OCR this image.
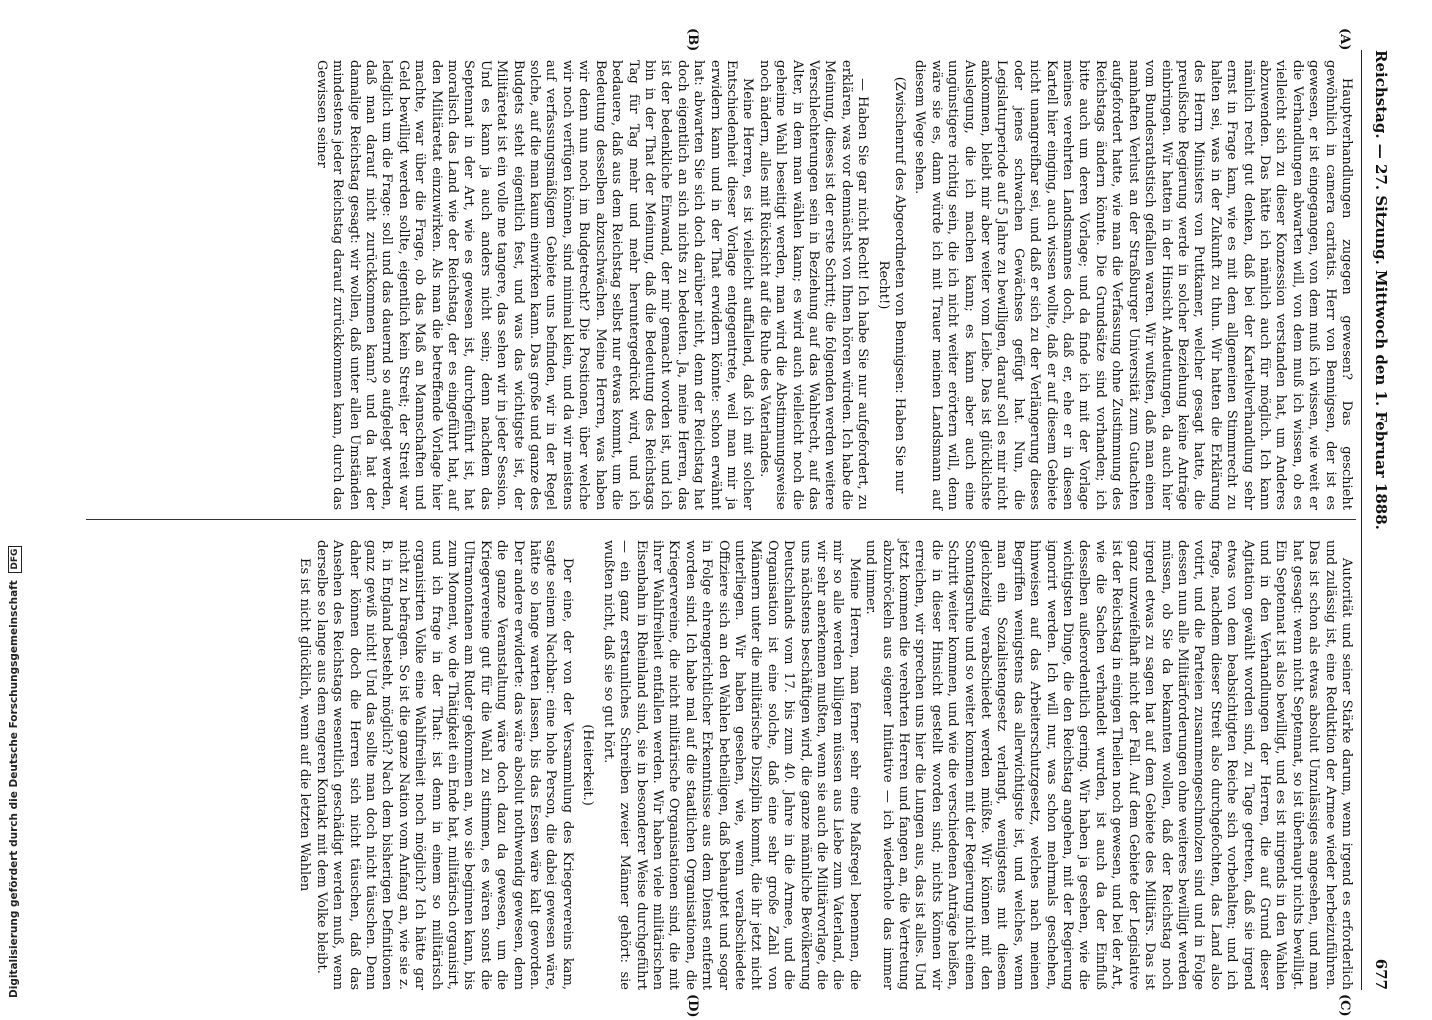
Reichstag. — 27. Sitzung. Mittwoch den 1. Februar 1888.
677
(A)
(B)
(C)
(D)

Hauptverhandlungen zugegen gewesen? Das geschieht gewöhnlich in camera caritatis. Herr von Bennigsen, der ist es gewesen, er ist eingegangen, von dem muß ich wissen, wie weit er die Verhandlungen abwarten will, von dem muß ich wissen, ob es vielleicht sich zu dieser Konzession verstanden hat, um Anderes abzuwenden. Das hätte ich nämlich auch für möglich. Ich kann nämlich recht gut denken, daß bei der Kartellverhandlung sehr ernst in Frage kam, wie es mit dem allgemeinen Stimmrecht zu halten sei, was in der Zukunft zu thun. Wir hatten die Erklärung des Herrn Ministers von Puttkamer, welcher gesagt hatte, die preußische Regierung werde in solcher Beziehung keine Anträge einbringen. Wir hatten in der Hinsicht Andeutungen, da auch hier vom Bundesrathstisch gefallen waren. Wir wußten, daß man einen namhaften Verlust an der Straßburger Universität zum Gutachten aufgefordert hatte, wie man die Verfassung ohne Zustimmung des Reichstags ändern könnte. Die Grundsätze sind vorhanden; ich bitte auch um deren Vorlage; und da finde ich mit der Vorlage meines verehrten Landsmannes doch, daß er, ehe er in diesen Kartell hier einging, auch wissen wollte, daß er auf diesem Gebiete nicht unangreifbar sei, und daß er sich zu der Verlängerung dieses oder jenes schwachen Gewächses gefügt hat. Nun, die Legislaturperiode auf 5 Jahre zu bewilligen, darauf soll es mir nicht ankommen, bleibt mir aber weiter vom Leibe. Das ist glücklichste Auslegung, die ich machen kann; es kann aber auch eine ungünstigere richtig sein, die ich nicht weiter erörtern will, denn wäre sie es, dann würde ich mit Trauer meinen Landsmann auf diesem Wege sehen.

(Zwischenruf des Abgeordneten von Bennigsen: Haben Sie nur Recht!)

— Haben Sie gar nicht Recht! Ich habe Sie nur aufgefordert, zu erklären, was vor demnächst von Ihnen hören würden. Ich habe die Meinung, dieses ist der erste Schritt; die folgenden werden weitere Verschlechterungen sein in Beziehung auf das Wahlrecht, auf das Alter, in dem man wählen kann; es wird auch vielleicht noch die geheime Wahl beseitigt werden, man wird die Abstimmungsweise noch ändern, alles mit Rücksicht auf die Ruhe des Vaterlandes.

Meine Herren, es ist vielleicht auffallend, daß ich mit solcher Entschiedenheit dieser Vorlage entgegentrete, weil man mir ja erwidern kann und in der That erwidern könnte: schon erwähnt hat: abwarten Sie sich doch darüber nicht, denn der Reichstag hat doch eigentlich an sich nichts zu bedeuten. Ja, meine Herren, das ist der bedenkliche Einwand, der mir gemacht worden ist, und ich bin in der That der Meinung, daß die Bedeutung des Reichstags Tag für Tag mehr und mehr heruntergedrückt wird, und ich bedauere, daß aus dem Reichstag selbst nur etwas kommt, um die Bedeutung desselben abzuschwächen. Meine Herren, was haben wir denn nun noch im Budgetrecht? Die Positionen, über welche wir noch verfügen können, sind minimal klein, und da wir meistens auf verfassungsmäßigem Gebiete uns befinden, wir in der Regel solche, auf die man kaum einwirken kann. Das große und ganze des Budgets steht eigentlich fest, und was das wichtigste ist, der Militäretat ist ein volle me tangere, das sehen wir in jeder Session. Und es kann ja auch anders nicht sein; denn nachdem das Septennat in der Art, wie es gewesen ist, durchgeführt ist, hat moralisch das Land wie der Reichstag, der es eingeführt hat, auf den Militäretat einzuwirken. Als man die betreffende Vorlage hier machte, war über die Frage, ob das Maß an Mannschaften und Geld bewilligt werden sollte, eigentlich kein Streit; der Streit war lediglich um die Frage: soll und das dauernd so aufgelegt werden, daß man darauf nicht zurückkommen kann? und da hat der damalige Reichstag gesagt: wir wollen, daß unter allen Umständen mindestens jeder Reichstag darauf zurückkommen kann, durch das Gewissen seiner

Autorität und seiner Stärke darum, wenn irgend es erforderlich und zulässig ist, eine Reduktion der Armee wieder herbeizuführen. Das ist schon als etwas absolut Unzulässiges angesehen, und man hat gesagt: wenn nicht Septennat, so ist überhaupt nichts bewilligt. Ein Septennat ist also bewilligt, und es ist nirgends in den Wahlen und in den Verhandlungen der Herren, die auf Grund dieser Agitation gewählt worden sind, zu Tage getreten, daß sie irgend etwas von dem beabsichtigten Reiche sich vorbehalten; und ich frage, nachdem dieser Streit also durchgefochten, das Land also votirt, und die Parteien zusammengeschmolzen sind und in Folge dessen nun alle Militärforderungen ohne weiteres bewilligt werden müssen, ob Sie da bekannten wollen, daß der Reichstag noch irgend etwas zu sagen hat auf dem Gebiete des Militärs. Das ist ganz unzweifelhaft nicht der Fall. Auf dem Gebiete der Legislative ist der Reichstag in einigen Theilen noch gewesen, und bei der Art, wie die Sachen verhandelt wurden, ist auch da der Einfluß desselben außerordentlich gering. Wir haben ja gesehen, wie die wichtigsten Dinge, die den Reichstag angehen, mit der Regierung ignorirt werden. Ich will nur, was schon mehrmals geschehen, hinweisen auf das Arbeiterschutzgesetz, welches nach meinen Begriffen wenigstens das allerwichtigste ist, und welches, wenn man ein Sozialistengesetz verlangt, wenigstens mit diesem gleichzeitig verabschiedet werden müßte. Wir können mit den Sonntagsruhe und so weiter kommen mit der Regierung nicht einen Schritt weiter kommen, und wie die verschiedenen Anträge heißen, die in dieser Hinsicht gestellt worden sind; nichts können wir erreichen, wir sprechen uns hier die Lungen aus, das ist alles. Und jetzt kommen die verehrten Herren und fangen an, die Vertretung abzubröckeln aus eigener Initiative — ich wiederhole das immer und immer.

Meine Herren, man ferner sehr eine Maßregel benennen, die mir so alle werden billigen müssen aus Liebe zum Vaterland, die wir sehr anerkennen mußten, wenn sie auch die Militärvorlage, die uns nächstens beschäftigen wird, die ganze männliche Bevölkerung Deutschlands vom 17. bis zum 40. Jahre in die Armee, und die Organisation ist eine solche, daß eine sehr große Zahl von Männern unter die militärische Disziplin kommt, die ihr jetzt nicht unterliegen. Wir haben gesehen, wie, wenn verabschiedete Offiziere sich an den Wahlen betheiligen, daß behauptet und sogar in Folge ehrengerichtlicher Erkenntnisse aus dem Dienst entfernt worden sind. Ich habe mal auf die staatlichen Organisationen, die Kriegervereine, die nicht militärische Organisationen sind, die mit ihrer Wahlfreiheit entfallen werden. Wir haben viele militärischen Eisenbahn in Rheinland sind, sie in besonderer Weise durchgeführt — ein ganz erstaunliches Schreiben zweier Männer gehört: sie wußten nicht, daß sie so gut hört.

(Heiterkeit.)

Der eine, der von der Versammlung des Kriegervereins kam, sagte seinem Nachbar: eine hohe Person, die dabei gewesen wäre, hätte so lange warten lassen, bis das Essen wäre kalt geworden. Der andere erwiderte: das wäre absolut nothwendig gewesen, denn die ganze Veranstaltung wäre doch dazu da gewesen, um die Kriegervereine gut für die Wahl zu stimmen, es wären sonst die Ultramontanen am Ruder gekommen an, wo sie beginnen kann, bis zum Moment, wo die Thätigkeit ein Ende hat, militärisch organisirt, und ich frage in der That: ist denn in einem so militärisch organisirten Volke eine Wahlfreiheit noch möglich? Ich hätte gar nicht zu befragen. So ist die ganze Nation vom Anfang an, wie sie z. B. in England besteht, möglich? Nach dem bisherigen Definitionen ganz gewiß nicht! Und das sollte man doch nicht täuschen. Denn daher können doch die Herren sich nicht täuschen, daß das Ansehen des Reichstags wesentlich geschädigt werden muß, wenn derselbe so lange aus dem engeren Kontakt mit dem Volke bleibt.

Es ist nicht glücklich, wenn auf die letzten Wahlen

Digitalisierung gefördert durch die Deutsche Forschungsgemeinschaft DFG
